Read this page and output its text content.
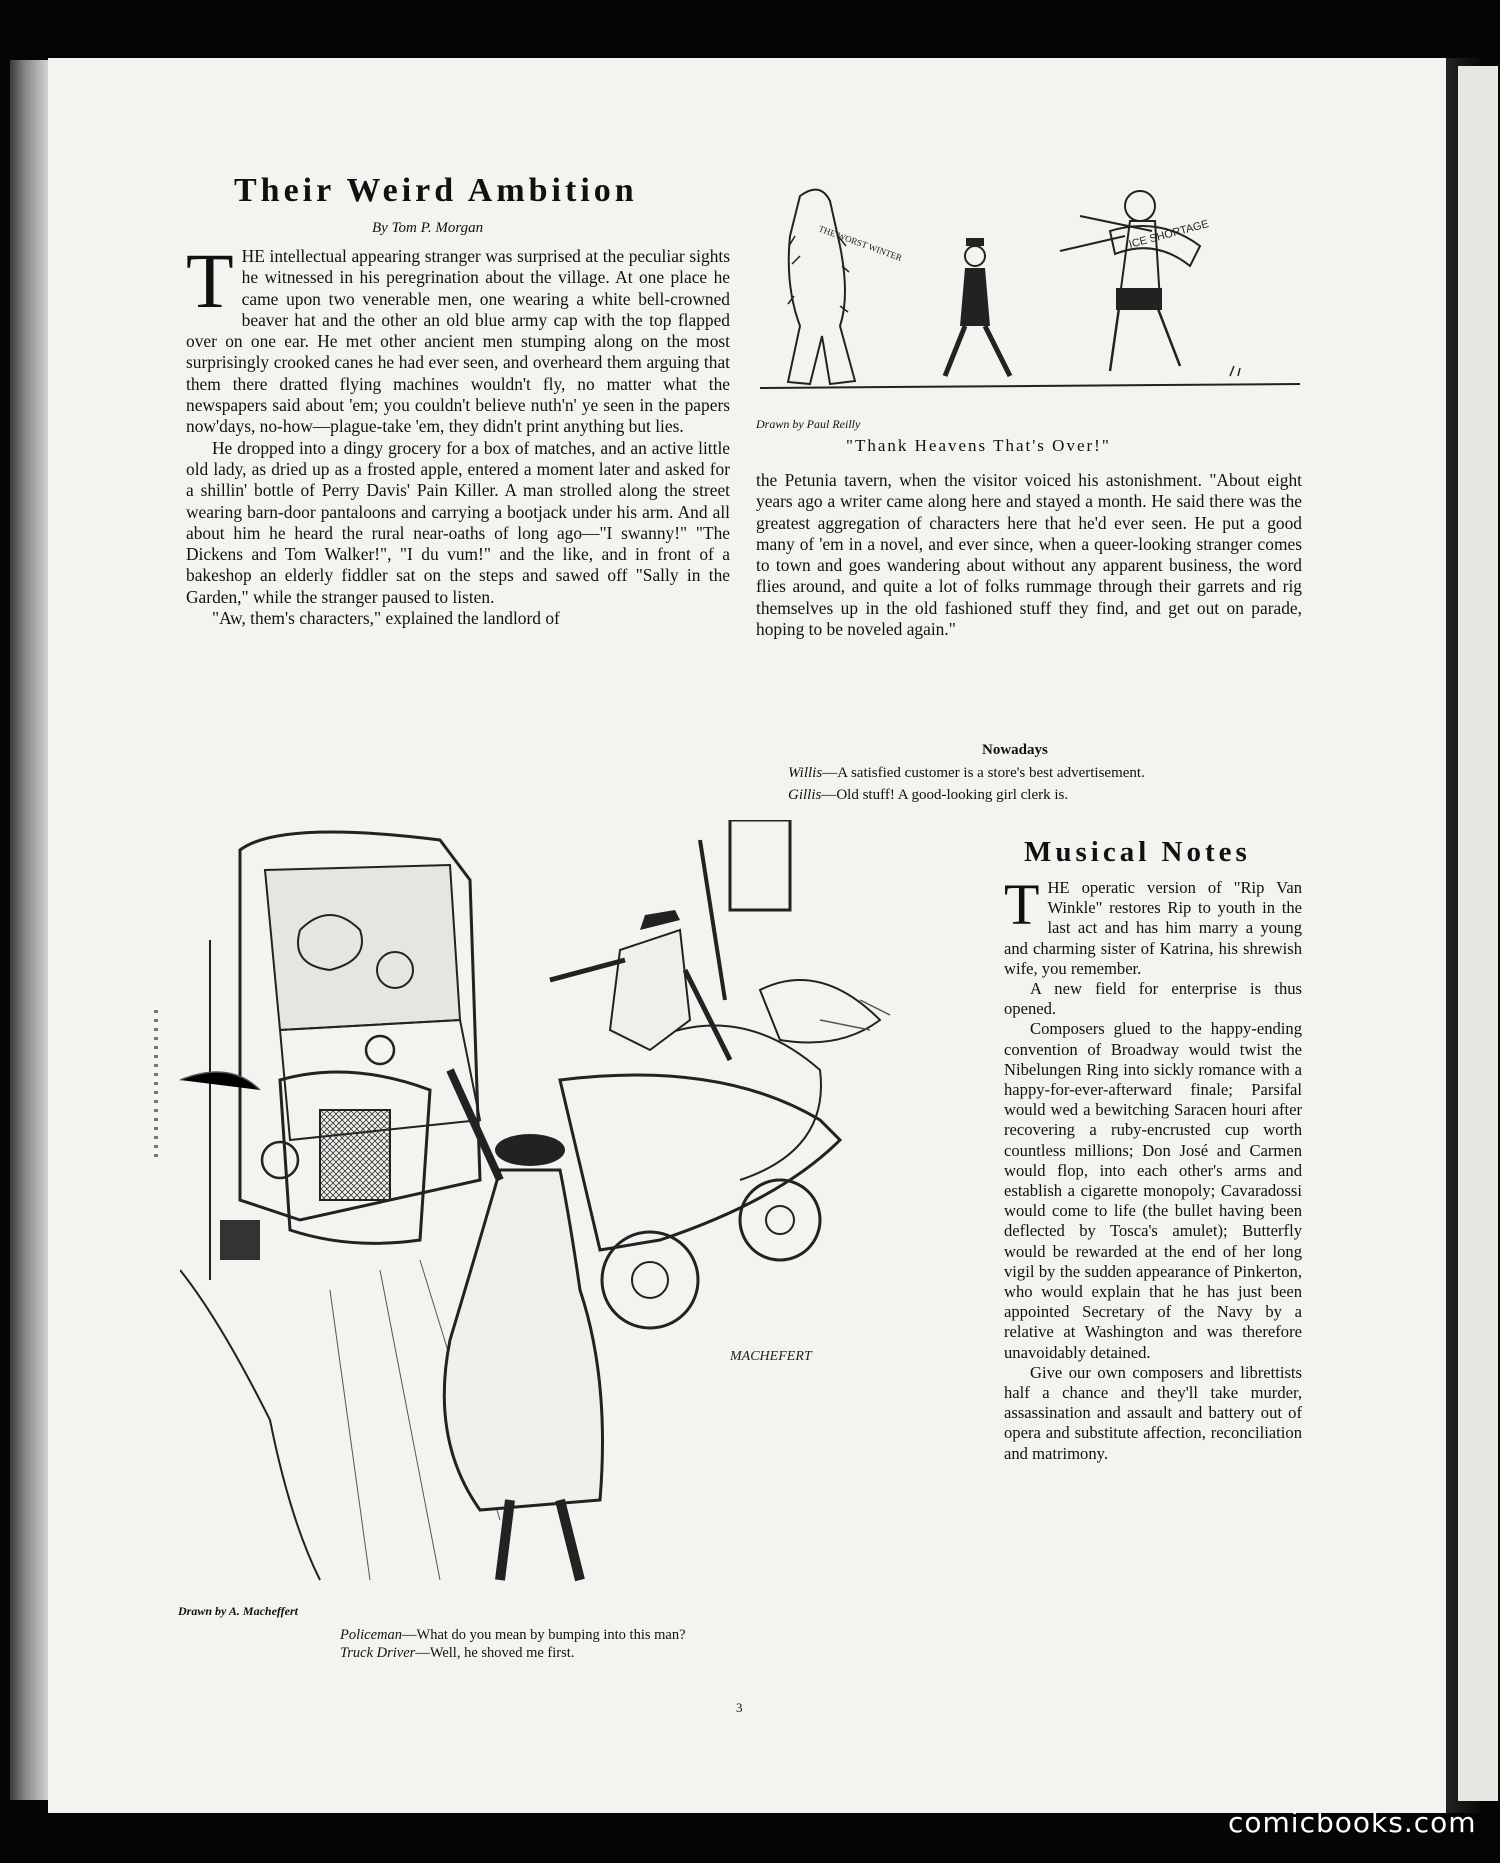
Their Weird Ambition
By Tom P. Morgan

THE intellectual appearing stranger was surprised at the peculiar sights he witnessed in his peregrination about the village. At one place he came upon two venerable men, one wearing a white bell-crowned beaver hat and the other an old blue army cap with the top flapped over on one ear. He met other ancient men stumping along on the most surprisingly crooked canes he had ever seen, and overheard them arguing that them there dratted flying machines wouldn't fly, no matter what the newspapers said about 'em; you couldn't believe nuth'n' ye seen in the papers now'days, no-how—plague-take 'em, they didn't print anything but lies.

He dropped into a dingy grocery for a box of matches, and an active little old lady, as dried up as a frosted apple, entered a moment later and asked for a shillin' bottle of Perry Davis' Pain Killer. A man strolled along the street wearing barn-door pantaloons and carrying a bootjack under his arm. And all about him he heard the rural near-oaths of long ago—"I swanny!" "The Dickens and Tom Walker!", "I du vum!" and the like, and in front of a bakeshop an elderly fiddler sat on the steps and sawed off "Sally in the Garden," while the stranger paused to listen.

"Aw, them's characters," explained the landlord of

the Petunia tavern, when the visitor voiced his astonishment. "About eight years ago a writer came along here and stayed a month. He said there was the greatest aggregation of characters here that he'd ever seen. He put a good many of 'em in a novel, and ever since, when a queer-looking stranger comes to town and goes wandering about without any apparent business, the word flies around, and quite a lot of folks rummage through their garrets and rig themselves up in the old fashioned stuff they find, and get out on parade, hoping to be noveled again."

THE WORST WINTER	ICE SHORTAGE
Drawn by Paul Reilly
"Thank Heavens That's Over!"
Nowadays
Willis—A satisfied customer is a store's best advertisement.
Gillis—Old stuff! A good-looking girl clerk is.
MACHEFERT
Drawn by A. Macheffert
Policeman—What do you mean by bumping into this man?
Truck Driver—Well, he shoved me first.
Musical Notes

THE operatic version of "Rip Van Winkle" restores Rip to youth in the last act and has him marry a young and charming sister of Katrina, his shrewish wife, you remember.

A new field for enterprise is thus opened.

Composers glued to the happy-ending convention of Broadway would twist the Nibelungen Ring into sickly romance with a happy-for-ever-afterward finale; Parsifal would wed a bewitching Saracen houri after recovering a ruby-encrusted cup worth countless millions; Don José and Carmen would flop, into each other's arms and establish a cigarette monopoly; Cavaradossi would come to life (the bullet having been deflected by Tosca's amulet); Butterfly would be rewarded at the end of her long vigil by the sudden appearance of Pinkerton, who would explain that he has just been appointed Secretary of the Navy by a relative at Washington and was therefore unavoidably detained.

Give our own composers and librettists half a chance and they'll take murder, assassination and assault and battery out of opera and substitute affection, reconciliation and matrimony.

3
comicbooks.com
